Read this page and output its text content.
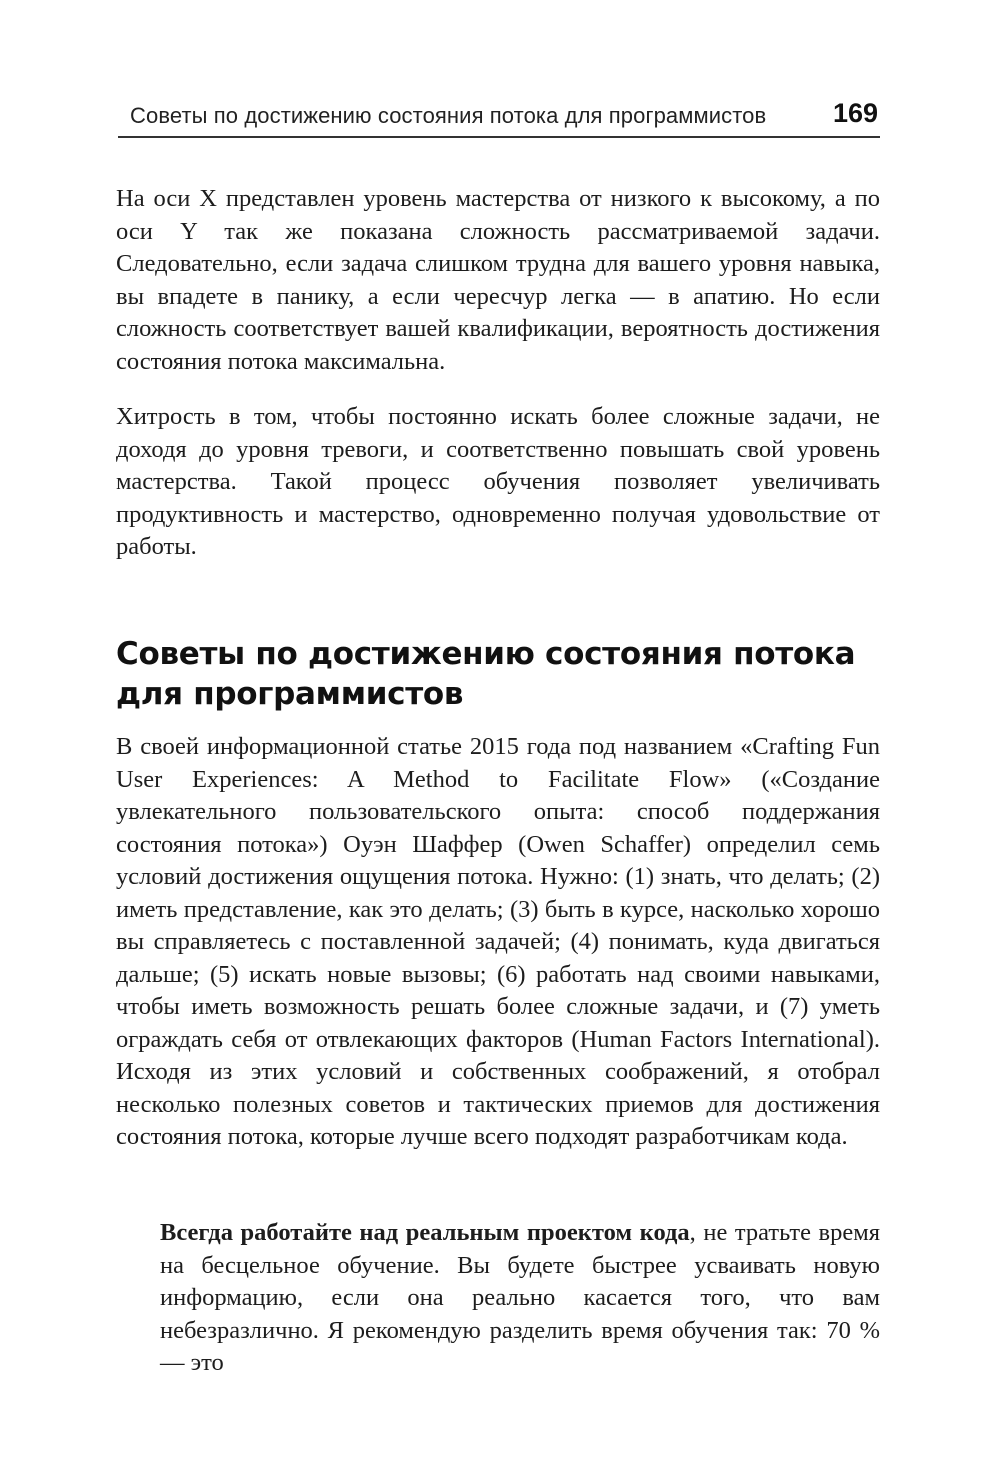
Советы по достижению состояния потока для программистов 169

На оси X представлен уровень мастерства от низкого к высокому, а по оси Y так же показана сложность рассматриваемой задачи. Следовательно, если задача слишком трудна для вашего уровня навыка, вы впадете в панику, а если чересчур легка — в апатию. Но если сложность соответствует вашей квалификации, вероятность достижения состояния потока максимальна.

Хитрость в том, чтобы постоянно искать более сложные задачи, не доходя до уровня тревоги, и соответственно повышать свой уровень мастерства. Такой процесс обучения позволяет увеличивать продуктивность и мастерство, одновременно получая удовольствие от работы.

Советы по достижению состояния потока для программистов

В своей информационной статье 2015 года под названием «Crafting Fun User Experiences: A Method to Facilitate Flow» («Создание увлекательного пользовательского опыта: способ поддержания состояния потока») Оуэн Шаффер (Owen Schaffer) определил семь условий достижения ощущения потока. Нужно: (1) знать, что делать; (2) иметь представление, как это делать; (3) быть в курсе, насколько хорошо вы справляетесь с поставленной задачей; (4) понимать, куда двигаться дальше; (5) искать новые вызовы; (6) работать над своими навыками, чтобы иметь возможность решать более сложные задачи, и (7) уметь ограждать себя от отвлекающих факторов (Human Factors International). Исходя из этих условий и собственных соображений, я отобрал несколько полезных советов и тактических приемов для достижения состояния потока, которые лучше всего подходят разработчикам кода.

Всегда работайте над реальным проектом кода, не тратьте время на бесцельное обучение. Вы будете быстрее усваивать новую информацию, если она реально касается того, что вам небезразлично. Я рекомендую разделить время обучения так: 70 % — это
